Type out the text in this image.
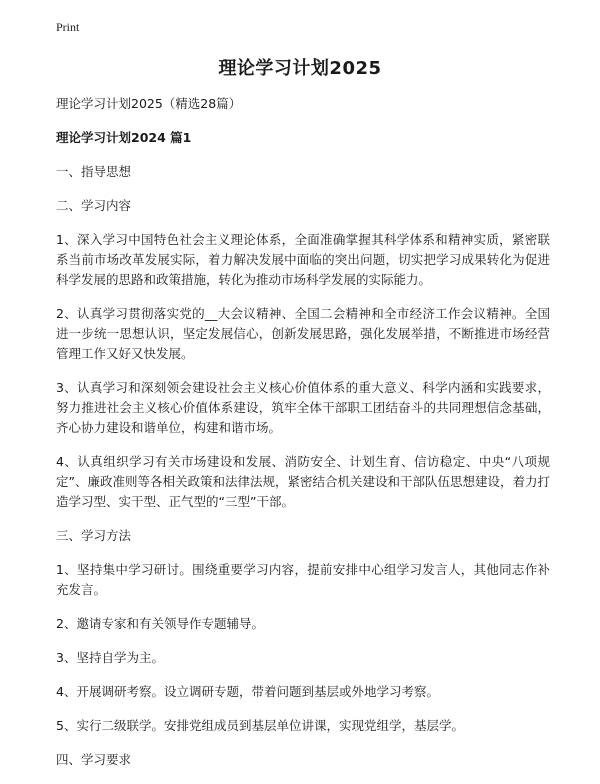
Print
理论学习计划2025

理论学习计划2025（精选28篇）

理论学习计划2024 篇1

一、指导思想

二、学习内容

1、深入学习中国特色社会主义理论体系，全面准确掌握其科学体系和精神实质，紧密联系当前市场改革发展实际，着力解决发展中面临的突出问题，切实把学习成果转化为促进科学发展的思路和政策措施，转化为推动市场科学发展的实际能力。

2、认真学习贯彻落实党的__大会议精神、全国二会精神和全市经济工作会议精神。全国进一步统一思想认识，坚定发展信心，创新发展思路，强化发展举措，不断推进市场经营管理工作又好又快发展。

3、认真学习和深刻领会建设社会主义核心价值体系的重大意义、科学内涵和实践要求，努力推进社会主义核心价值体系建设，筑牢全体干部职工团结奋斗的共同理想信念基础，齐心协力建设和谐单位，构建和谐市场。

4、认真组织学习有关市场建设和发展、消防安全、计划生育、信访稳定、中央“八项规定”、廉政准则等各相关政策和法律法规，紧密结合机关建设和干部队伍思想建设，着力打造学习型、实干型、正气型的“三型”干部。

三、学习方法

1、坚持集中学习研讨。围绕重要学习内容，提前安排中心组学习发言人，其他同志作补充发言。

2、邀请专家和有关领导作专题辅导。

3、坚持自学为主。

4、开展调研考察。设立调研专题，带着问题到基层或外地学习考察。

5、实行二级联学。安排党组成员到基层单位讲课，实现党组学，基层学。

四、学习要求
